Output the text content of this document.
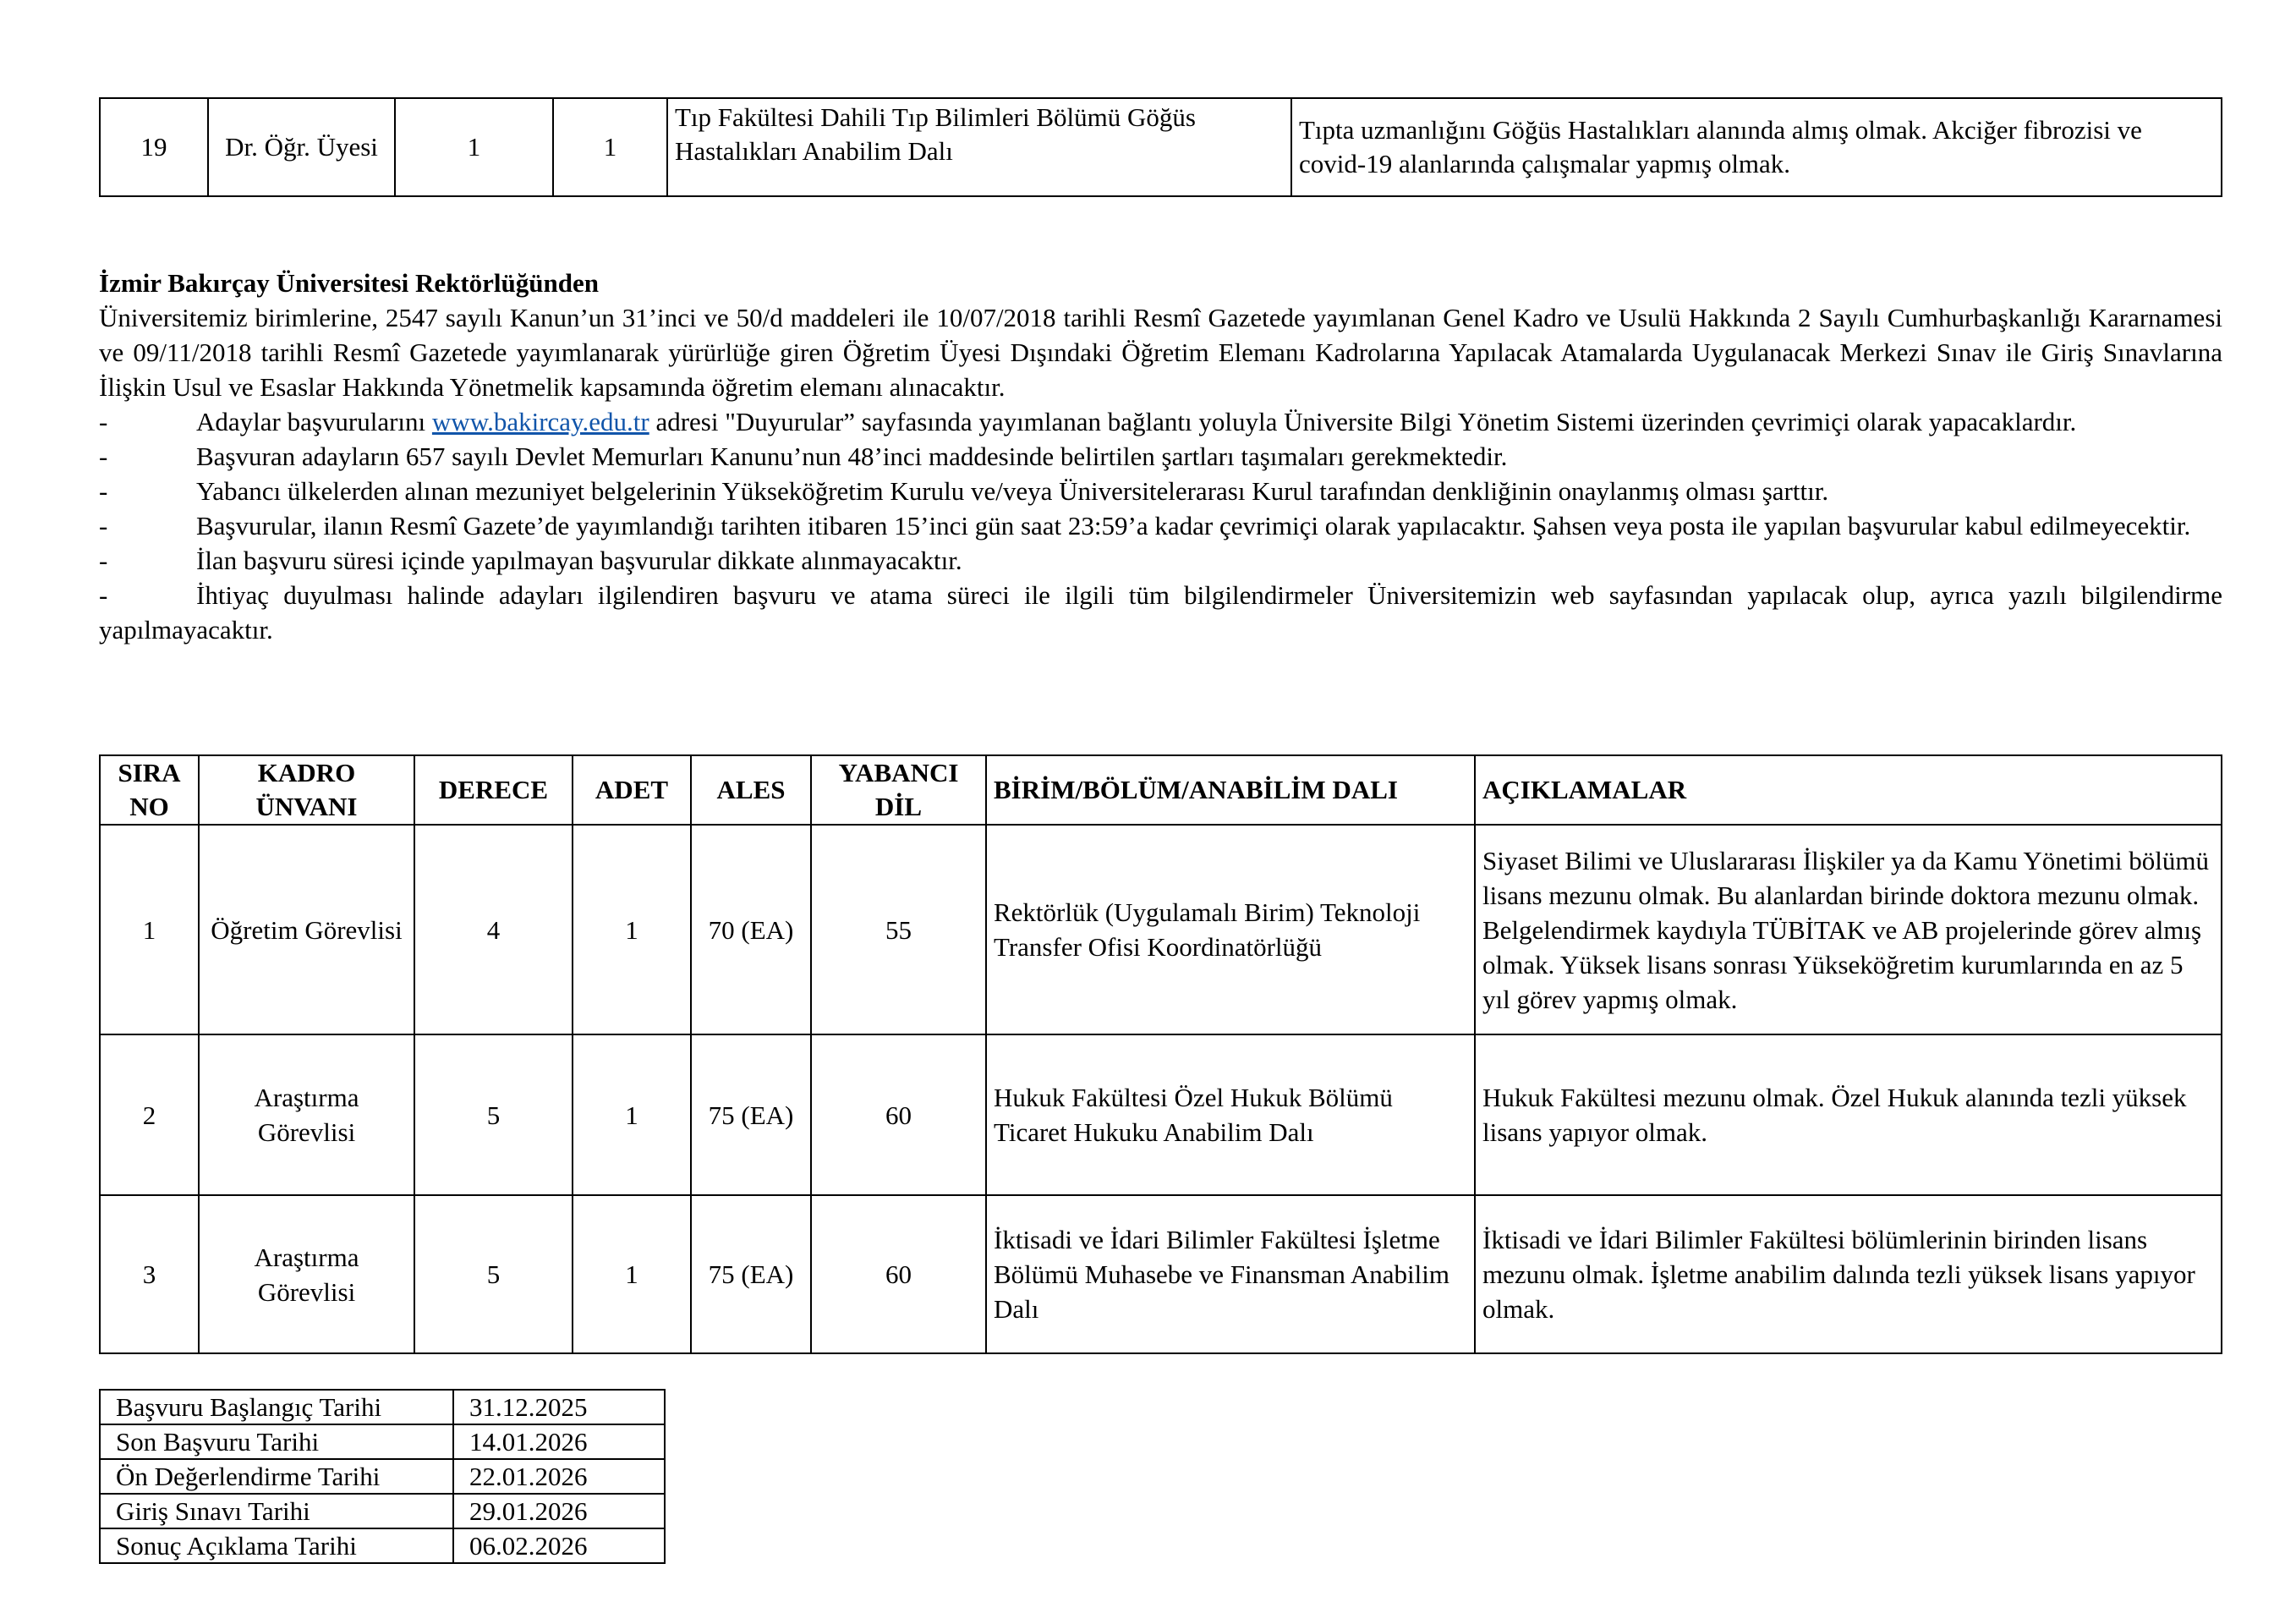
19	Dr. Öğr. Üyesi	1	1	Tıp Fakültesi Dahili Tıp Bilimleri Bölümü Göğüs Hastalıkları Anabilim Dalı	Tıpta uzmanlığını Göğüs Hastalıkları alanında almış olmak. Akciğer fibrozisi ve covid-19 alanlarında çalışmalar yapmış olmak.

İzmir Bakırçay Üniversitesi Rektörlüğünden

Üniversitemiz birimlerine, 2547 sayılı Kanun’un 31’inci ve 50/d maddeleri ile 10/07/2018 tarihli Resmî Gazetede yayımlanan Genel Kadro ve Usulü Hakkında 2 Sayılı Cumhurbaşkanlığı Kararnamesi ve 09/11/2018 tarihli Resmî Gazetede yayımlanarak yürürlüğe giren Öğretim Üyesi Dışındaki Öğretim Elemanı Kadrolarına Yapılacak Atamalarda Uygulanacak Merkezi Sınav ile Giriş Sınavlarına İlişkin Usul ve Esaslar Hakkında Yönetmelik kapsamında öğretim elemanı alınacaktır.

-	Adaylar başvurularını www.bakircay.edu.tr adresi "Duyurular” sayfasında yayımlanan bağlantı yoluyla Üniversite Bilgi Yönetim Sistemi üzerinden çevrimiçi olarak yapacaklardır.

-	Başvuran adayların 657 sayılı Devlet Memurları Kanunu’nun 48’inci maddesinde belirtilen şartları taşımaları gerekmektedir.

-	Yabancı ülkelerden alınan mezuniyet belgelerinin Yükseköğretim Kurulu ve/veya Üniversitelerarası Kurul tarafından denkliğinin onaylanmış olması şarttır.

-	Başvurular, ilanın Resmî Gazete’de yayımlandığı tarihten itibaren 15’inci gün saat 23:59’a kadar çevrimiçi olarak yapılacaktır. Şahsen veya posta ile yapılan başvurular kabul edilmeyecektir.

-	İlan başvuru süresi içinde yapılmayan başvurular dikkate alınmayacaktır.

-	İhtiyaç duyulması halinde adayları ilgilendiren başvuru ve atama süreci ile ilgili tüm bilgilendirmeler Üniversitemizin web sayfasından yapılacak olup, ayrıca yazılı bilgilendirme yapılmayacaktır.

SIRA NO	KADRO ÜNVANI	DERECE	ADET	ALES	YABANCI DİL	BİRİM/BÖLÜM/ANABİLİM DALI	AÇIKLAMALAR
1	Öğretim Görevlisi	4	1	70 (EA)	55	Rektörlük (Uygulamalı Birim) Teknoloji Transfer Ofisi Koordinatörlüğü	Siyaset Bilimi ve Uluslararası İlişkiler ya da Kamu Yönetimi bölümü lisans mezunu olmak. Bu alanlardan birinde doktora mezunu olmak. Belgelendirmek kaydıyla TÜBİTAK ve AB projelerinde görev almış olmak. Yüksek lisans sonrası Yükseköğretim kurumlarında en az 5 yıl görev yapmış olmak.
2	Araştırma Görevlisi	5	1	75 (EA)	60	Hukuk Fakültesi Özel Hukuk Bölümü Ticaret Hukuku Anabilim Dalı	Hukuk Fakültesi mezunu olmak. Özel Hukuk alanında tezli yüksek lisans yapıyor olmak.
3	Araştırma Görevlisi	5	1	75 (EA)	60	İktisadi ve İdari Bilimler Fakültesi İşletme Bölümü Muhasebe ve Finansman Anabilim Dalı	İktisadi ve İdari Bilimler Fakültesi bölümlerinin birinden lisans mezunu olmak. İşletme anabilim dalında tezli yüksek lisans yapıyor olmak.
Başvuru Başlangıç Tarihi	31.12.2025
Son Başvuru Tarihi	14.01.2026
Ön Değerlendirme Tarihi	22.01.2026
Giriş Sınavı Tarihi	29.01.2026
Sonuç Açıklama Tarihi	06.02.2026
